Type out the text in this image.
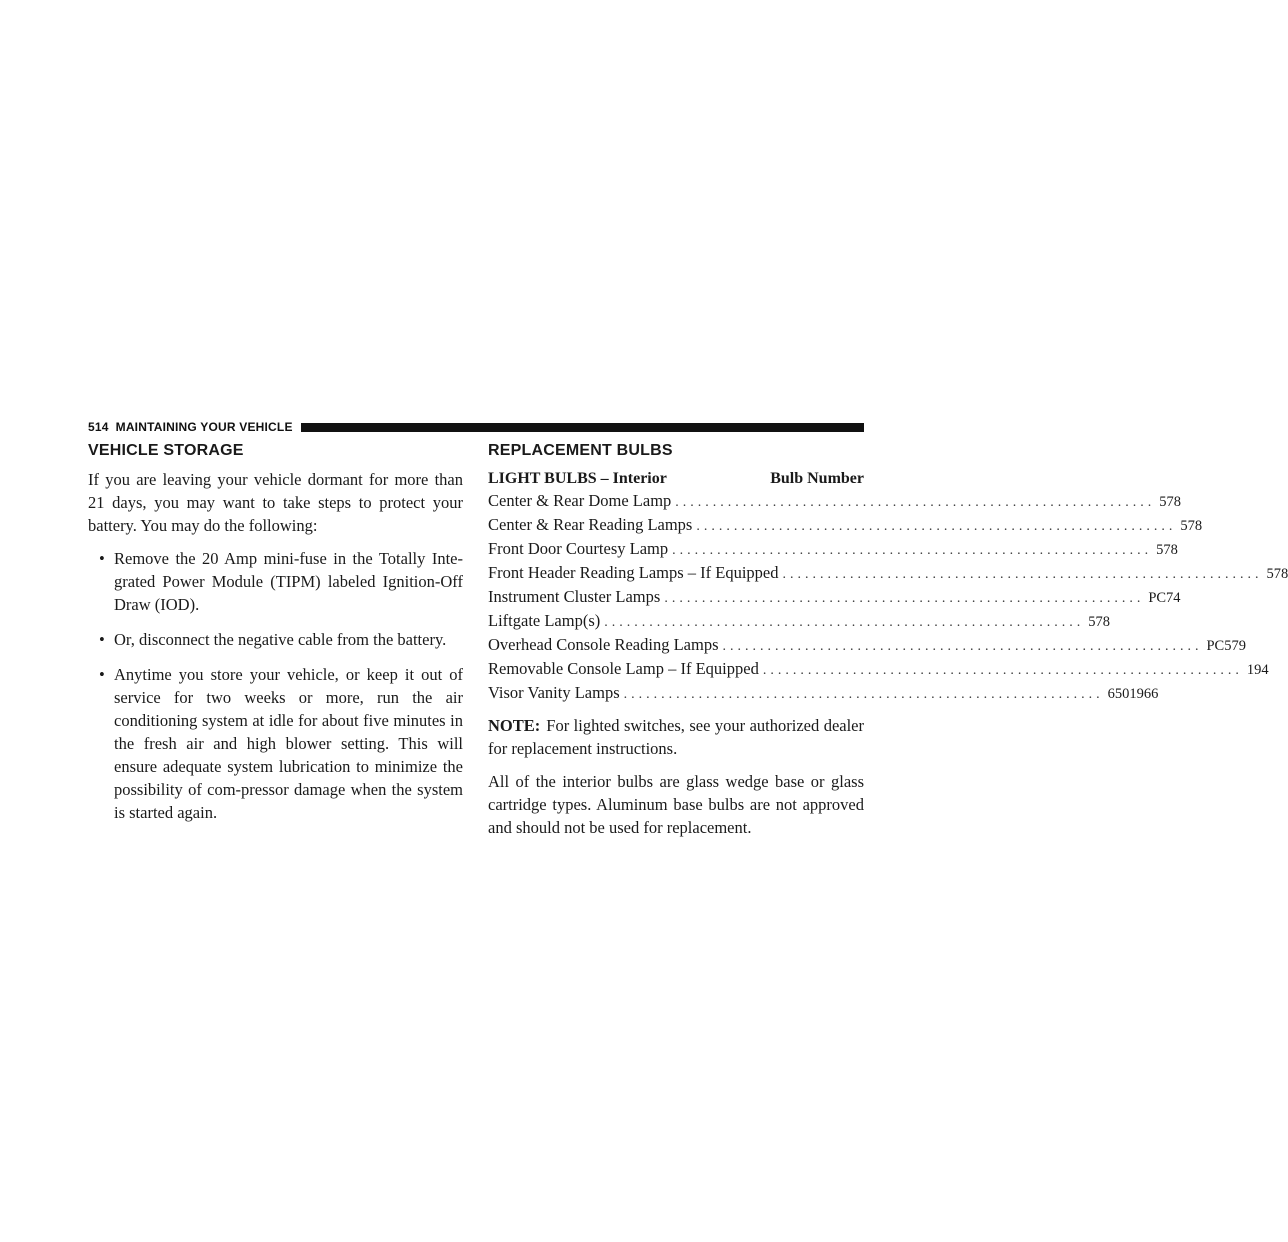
514 MAINTAINING YOUR VEHICLE
VEHICLE STORAGE

If you are leaving your vehicle dormant for more than 21 days, you may want to take steps to protect your battery. You may do the following:

• Remove the 20 Amp mini-fuse in the Totally Inte-grated Power Module (TIPM) labeled Ignition-Off Draw (IOD).
• Or, disconnect the negative cable from the battery.
• Anytime you store your vehicle, or keep it out of service for two weeks or more, run the air conditioning system at idle for about five minutes in the fresh air and high blower setting. This will ensure adequate system lubrication to minimize the possibility of com-pressor damage when the system is started again.
REPLACEMENT BULBS
LIGHT BULBS – Interior	Bulb Number
Center & Rear Dome Lamp ................................................................ 578
Center & Rear Reading Lamps ................................................................ 578
Front Door Courtesy Lamp ................................................................ 578
Front Header Reading Lamps – If Equipped ................................................................ 578
Instrument Cluster Lamps ................................................................ PC74
Liftgate Lamp(s) ................................................................ 578
Overhead Console Reading Lamps ................................................................ PC579
Removable Console Lamp – If Equipped ................................................................ 194
Visor Vanity Lamps ................................................................ 6501966

NOTE: For lighted switches, see your authorized dealer for replacement instructions.

All of the interior bulbs are glass wedge base or glass cartridge types. Aluminum base bulbs are not approved and should not be used for replacement.
